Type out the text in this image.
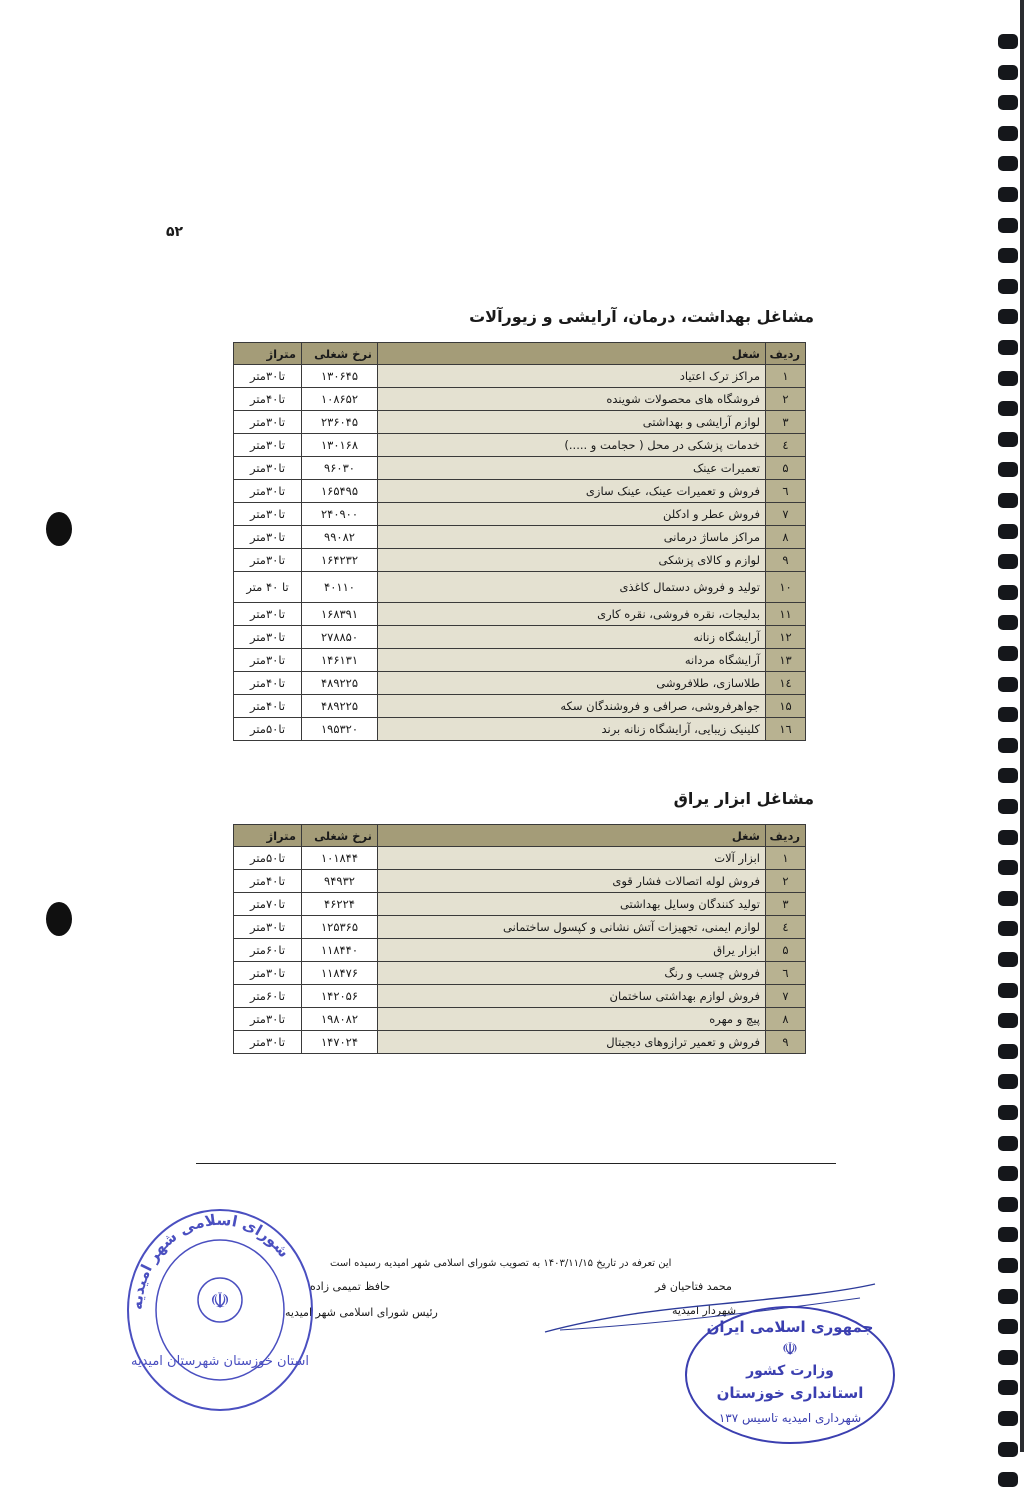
۵۲
مشاغل بهداشت، درمان، آرایشی و زیورآلات
ردیف	شغل	نرخ شغلی	متراژ
۱	مراکز ترک اعتیاد	۱۳۰۶۴۵	تا۳۰متر
۲	فروشگاه های محصولات شوینده	۱۰۸۶۵۲	تا۴۰متر
۳	لوازم آرایشی و بهداشتی	۲۳۶۰۴۵	تا۳۰متر
٤	خدمات پزشکی در محل ( حجامت و .....)	۱۳۰۱۶۸	تا۳۰متر
۵	تعمیرات عینک	۹۶۰۳۰	تا۳۰متر
٦	فروش و تعمیرات عینک، عینک سازی	۱۶۵۴۹۵	تا۳۰متر
۷	فروش عطر و ادکلن	۲۴۰۹۰۰	تا۳۰متر
۸	مراکز ماساژ درمانی	۹۹۰۸۲	تا۳۰متر
۹	لوازم و کالای پزشکی	۱۶۴۲۳۲	تا۳۰متر
۱۰	تولید و فروش دستمال کاغذی	۴۰۱۱۰	تا ۴۰ متر
۱۱	بدلیجات، نقره فروشی، نقره کاری	۱۶۸۳۹۱	تا۳۰متر
۱۲	آرایشگاه زنانه	۲۷۸۸۵۰	تا۳۰متر
۱۳	آرایشگاه مردانه	۱۴۶۱۳۱	تا۳۰متر
۱٤	طلاسازی، طلافروشی	۴۸۹۲۲۵	تا۴۰متر
۱۵	جواهرفروشی، صرافی و فروشندگان سکه	۴۸۹۲۲۵	تا۴۰متر
۱٦	کلینیک زیبایی، آرایشگاه زنانه برند	۱۹۵۳۲۰	تا۵۰متر
مشاغل ابزار یراق
ردیف	شغل	نرخ شغلی	متراژ
۱	ابزار آلات	۱۰۱۸۴۴	تا۵۰متر
۲	فروش لوله اتصالات فشار قوی	۹۴۹۳۲	تا۴۰متر
۳	تولید کنندگان وسایل بهداشتی	۴۶۲۲۴	تا۷۰متر
٤	لوازم ایمنی، تجهیزات آتش نشانی و کپسول ساختمانی	۱۲۵۳۶۵	تا۳۰متر
۵	ابزار یراق	۱۱۸۴۴۰	تا۶۰متر
٦	فروش چسب و رنگ	۱۱۸۴۷۶	تا۳۰متر
۷	فروش لوازم بهداشتی ساختمان	۱۴۲۰۵۶	تا۶۰متر
۸	پیچ و مهره	۱۹۸۰۸۲	تا۳۰متر
۹	فروش و تعمیر ترازوهای دیجیتال	۱۴۷۰۲۴	تا۳۰متر
این تعرفه در تاریخ ۱۴۰۳/۱۱/۱۵ به تصویب شورای اسلامی شهر امیدیه رسیده است
حافظ تمیمی زاده
رئیس شورای اسلامی شهر امیدیه
محمد فتاحیان فر
شهردار امیدیه
شورای اسلامی شهر امیدیه
استان خوزستان شهرستان امیدیه
☫
جمهوری اسلامی ایران
☫
وزارت کشور
استانداری خوزستان
شهرداری امیدیه تاسیس ۱۳۷
